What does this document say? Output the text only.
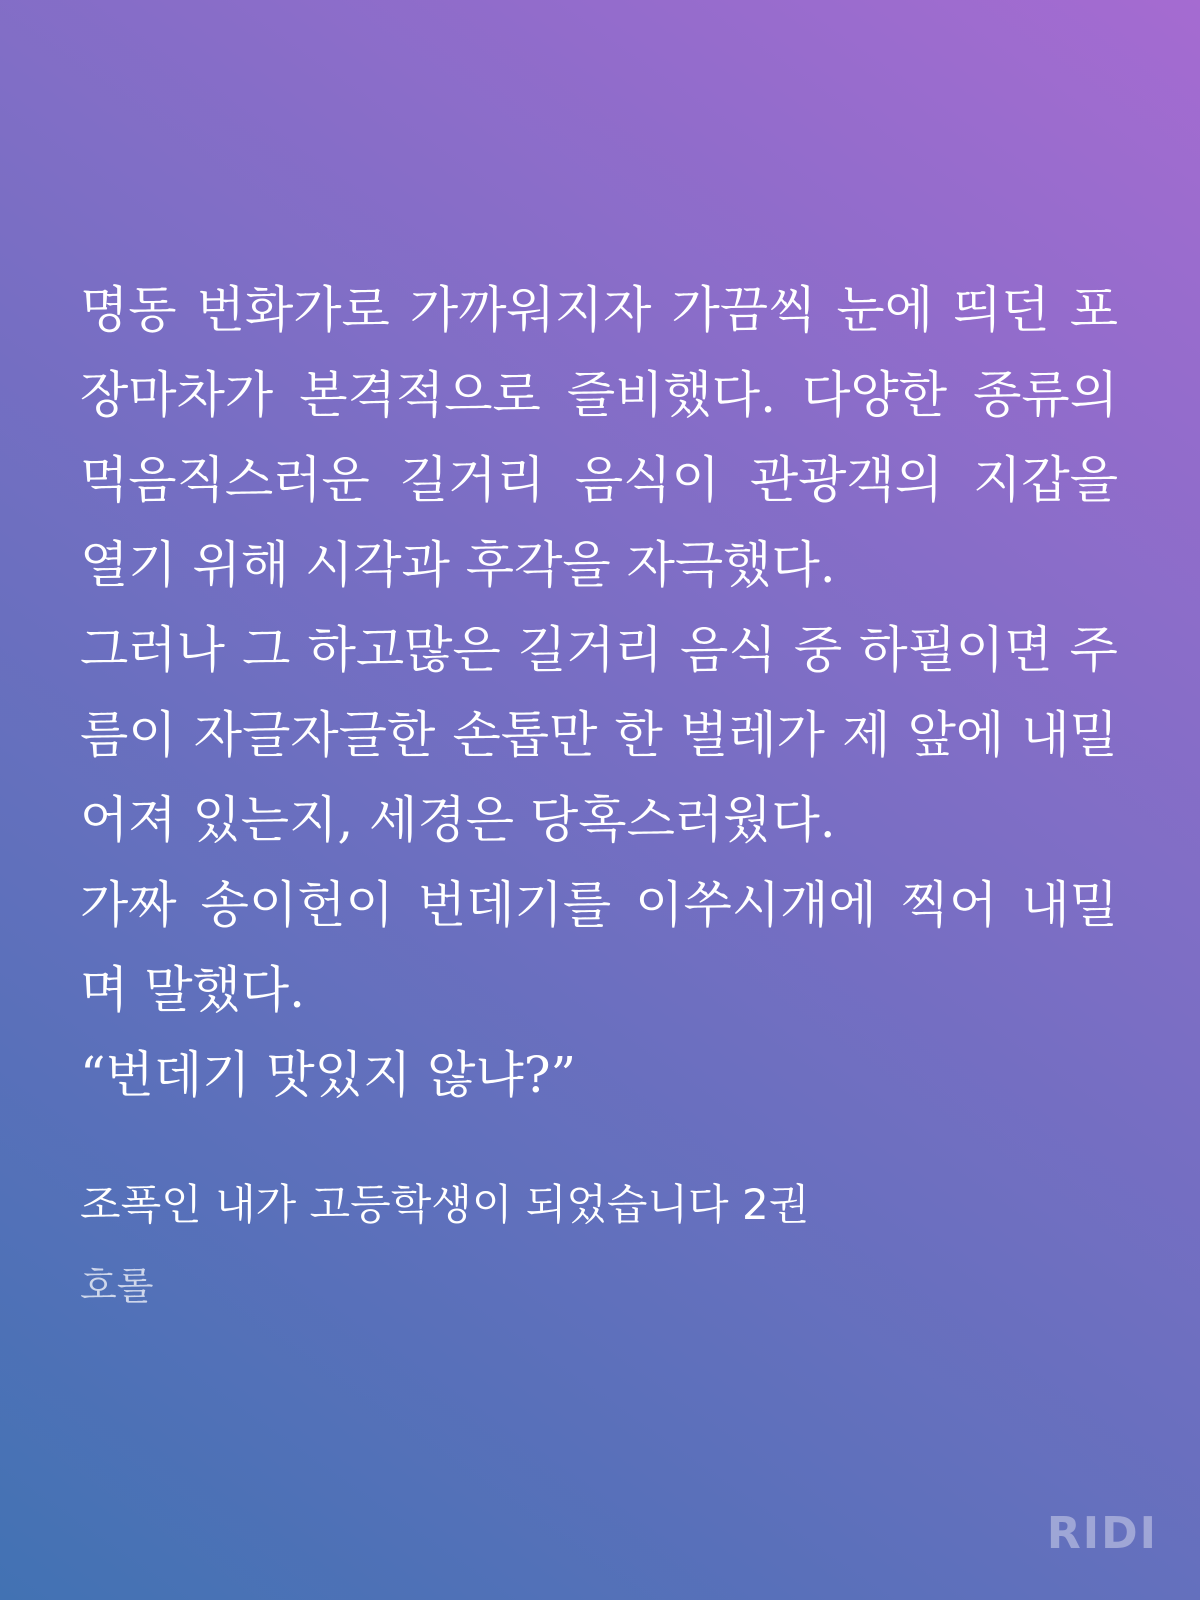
명동 번화가로 가까워지자 가끔씩 눈에 띄던 포장마차가 본격적으로 즐비했다. 다양한 종류의 먹음직스러운 길거리 음식이 관광객의 지갑을 열기 위해 시각과 후각을 자극했다.

그러나 그 하고많은 길거리 음식 중 하필이면 주름이 자글자글한 손톱만 한 벌레가 제 앞에 내밀어져 있는지, 세경은 당혹스러웠다.

가짜 송이헌이 번데기를 이쑤시개에 찍어 내밀며 말했다.

“번데기 맛있지 않냐?”

조폭인 내가 고등학생이 되었습니다 2권
호롤
RIDI
